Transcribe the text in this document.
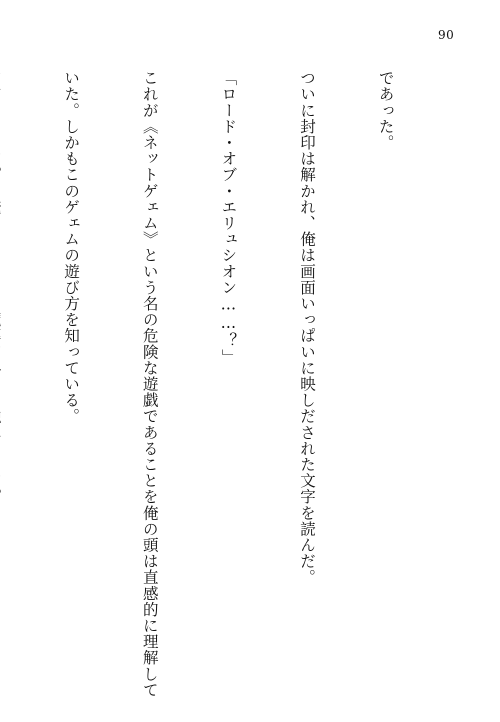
90

であった。

ついに封印は解かれ、俺は画面いっぱいに映しだされた文字を読んだ。

「ロード・オブ・エリュシオン……？」

これが《ネットゲェム》という名の危険な遊戯であることを俺の頭は直感的に理解して

いた。しかもこのゲェムの遊び方を知っている。
